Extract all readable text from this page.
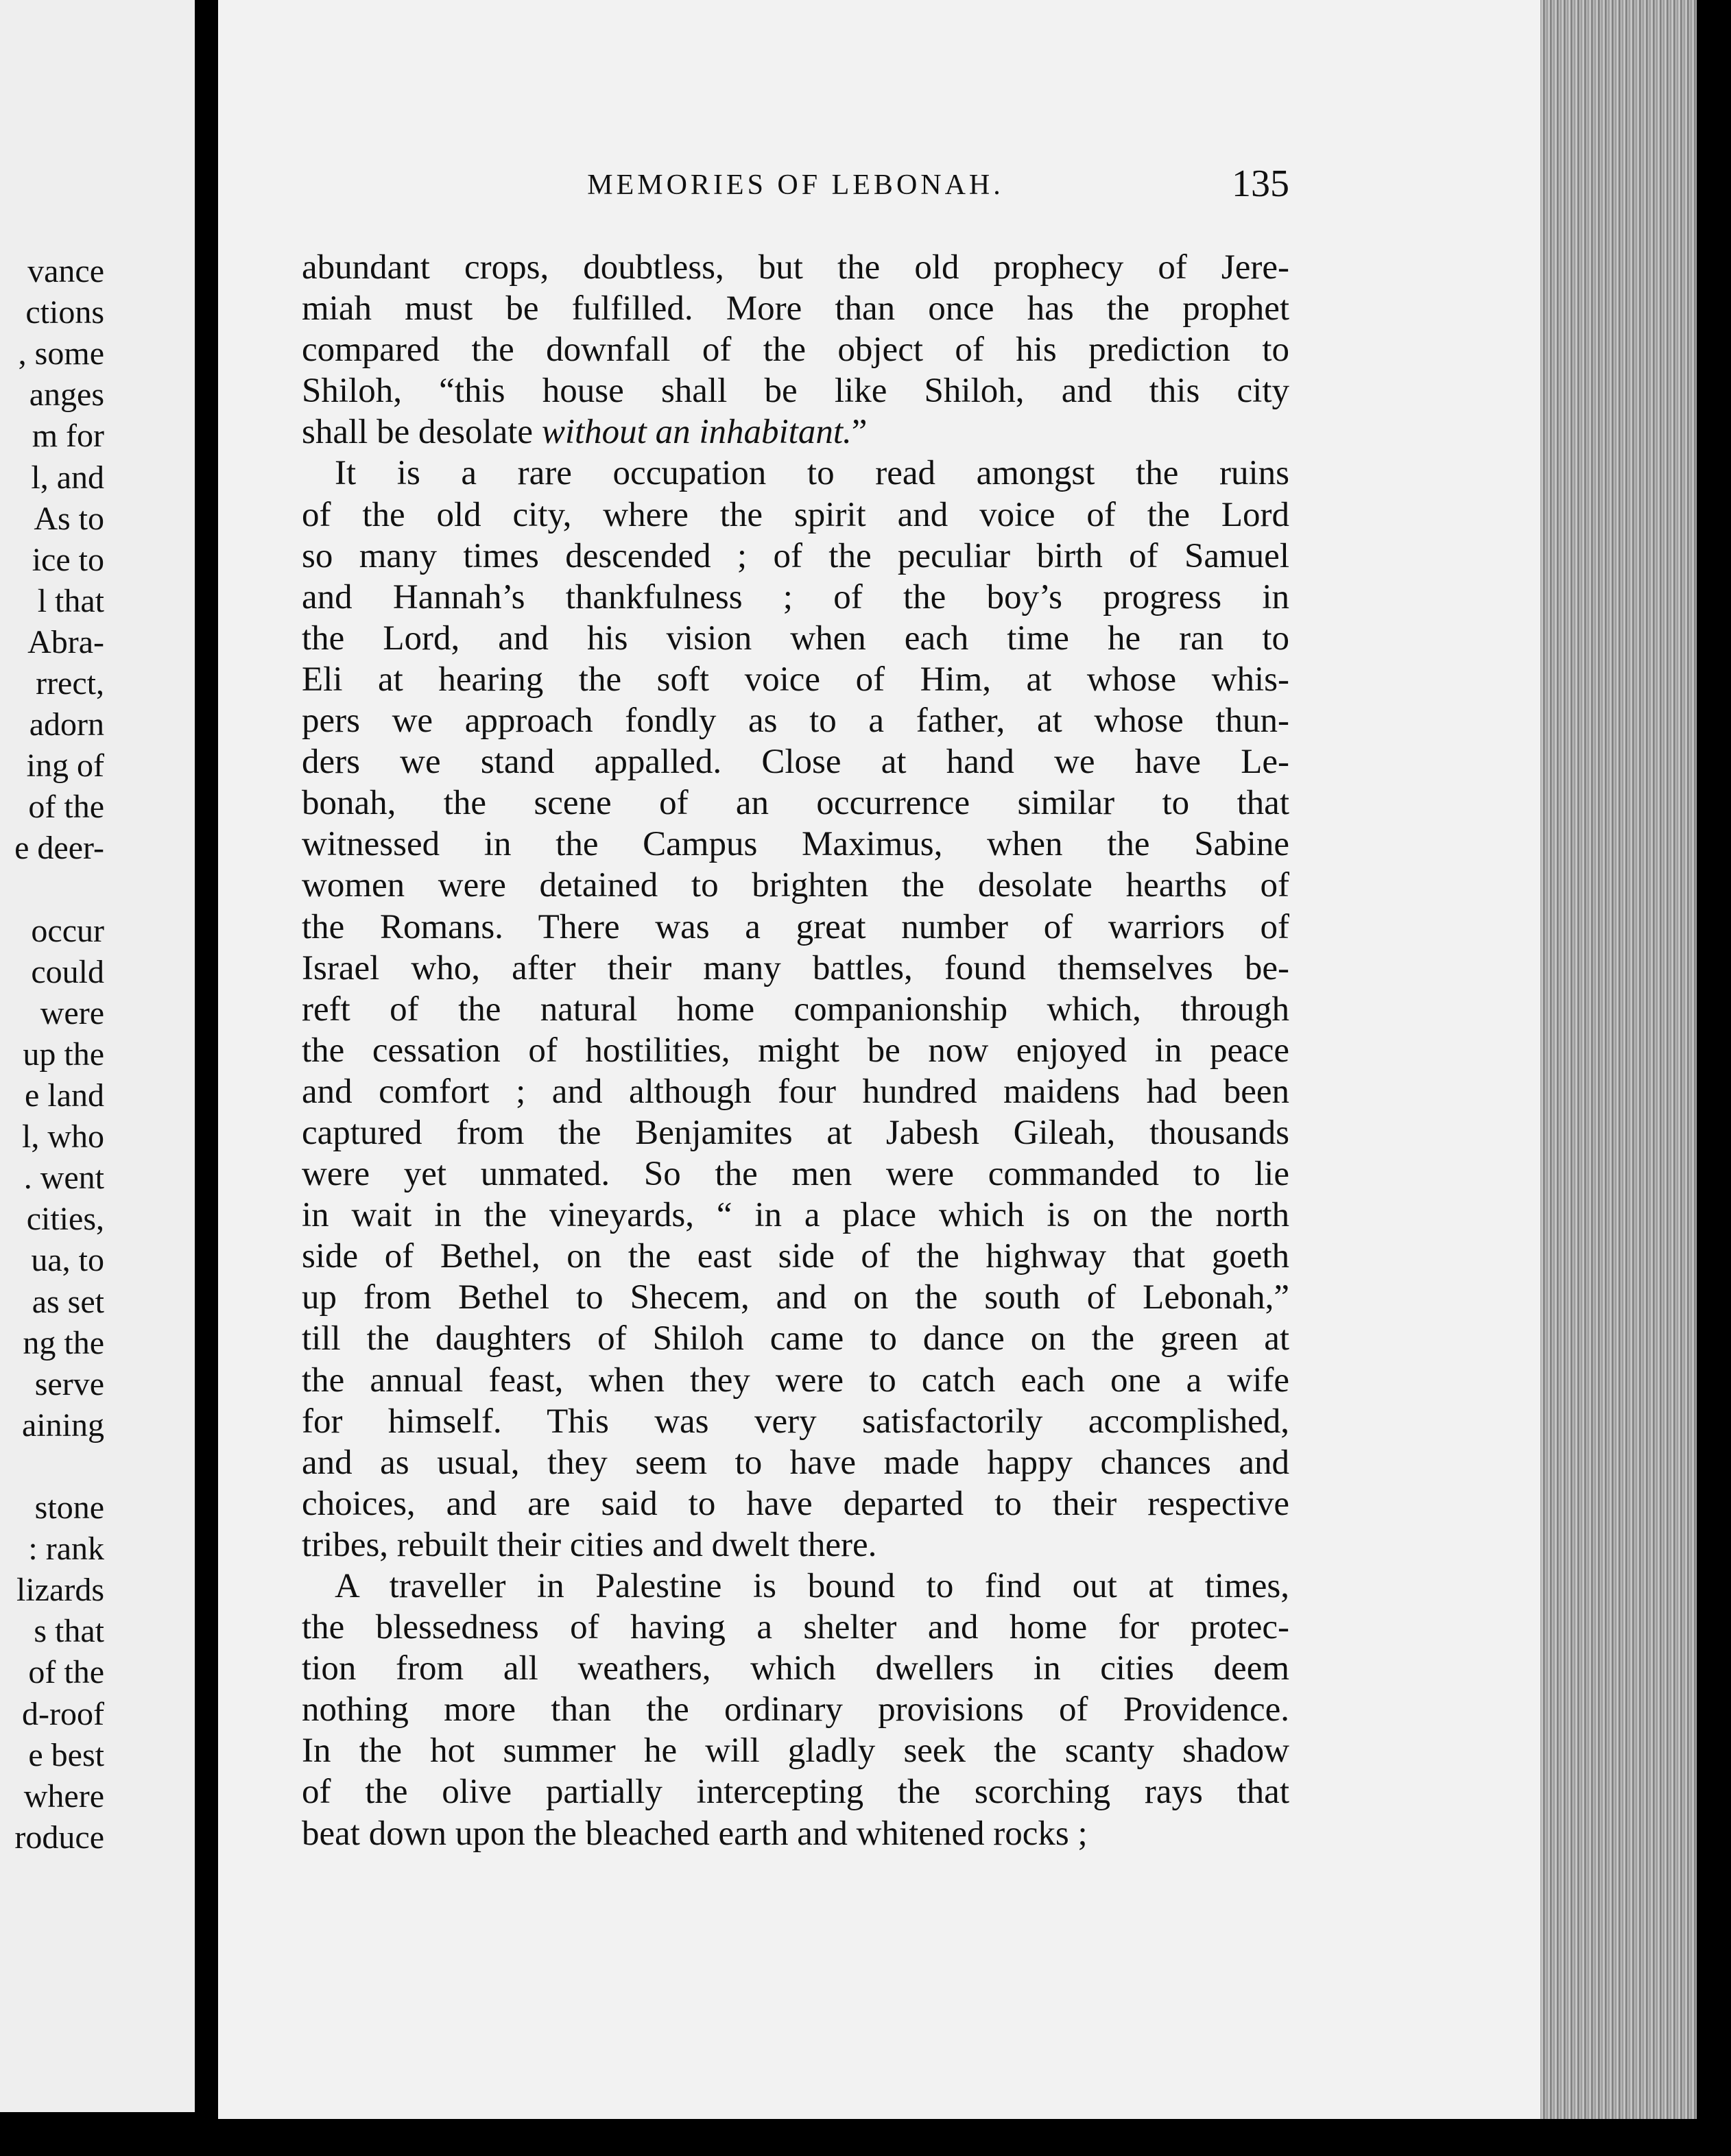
vance
ctions
, some
anges
m for
l, and
As to
ice to
l that
Abra-
rrect,
adorn
ing of
of the
e deer-
occur
could
were
up the
e land
l, who
. went
cities,
ua, to
as set
ng the
serve
aining
stone
: rank
lizards
s that
of the
d-roof
e best
where
roduce
MEMORIES OF LEBONAH.	135

abundant crops, doubtless, but the old prophecy of Jere-

miah must be fulfilled. More than once has the prophet

compared the downfall of the object of his prediction to

Shiloh, “this house shall be like Shiloh, and this city

shall be desolate without an inhabitant.”

It is a rare occupation to read amongst the ruins

of the old city, where the spirit and voice of the Lord

so many times descended ; of the peculiar birth of Samuel

and Hannah’s thankfulness ; of the boy’s progress in

the Lord, and his vision when each time he ran to

Eli at hearing the soft voice of Him, at whose whis-

pers we approach fondly as to a father, at whose thun-

ders we stand appalled. Close at hand we have Le-

bonah, the scene of an occurrence similar to that

witnessed in the Campus Maximus, when the Sabine

women were detained to brighten the desolate hearths of

the Romans. There was a great number of warriors of

Israel who, after their many battles, found themselves be-

reft of the natural home companionship which, through

the cessation of hostilities, might be now enjoyed in peace

and comfort ; and although four hundred maidens had been

captured from the Benjamites at Jabesh Gileah, thousands

were yet unmated. So the men were commanded to lie

in wait in the vineyards, “ in a place which is on the north

side of Bethel, on the east side of the highway that goeth

up from Bethel to Shecem, and on the south of Lebonah,”

till the daughters of Shiloh came to dance on the green at

the annual feast, when they were to catch each one a wife

for himself. This was very satisfactorily accomplished,

and as usual, they seem to have made happy chances and

choices, and are said to have departed to their respective

tribes, rebuilt their cities and dwelt there.

A traveller in Palestine is bound to find out at times,

the blessedness of having a shelter and home for protec-

tion from all weathers, which dwellers in cities deem

nothing more than the ordinary provisions of Providence.

In the hot summer he will gladly seek the scanty shadow

of the olive partially intercepting the scorching rays that

beat down upon the bleached earth and whitened rocks ;
